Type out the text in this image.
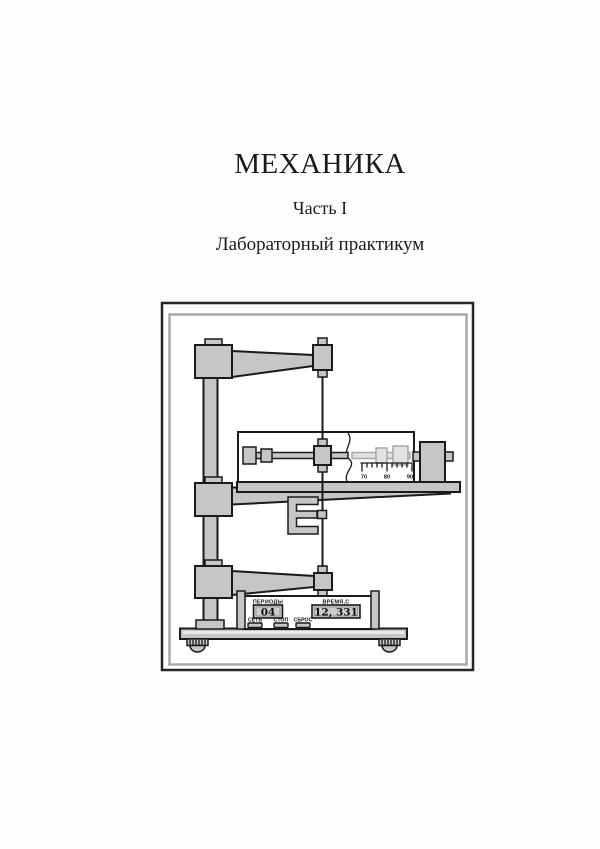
МЕХАНИКА
Часть I
Лабораторный практикум
70	80	90
ПЕРИОДЫ	ВРЕМЯ,С
04	12, 331
СЕТЬ СТОП СБРОС
